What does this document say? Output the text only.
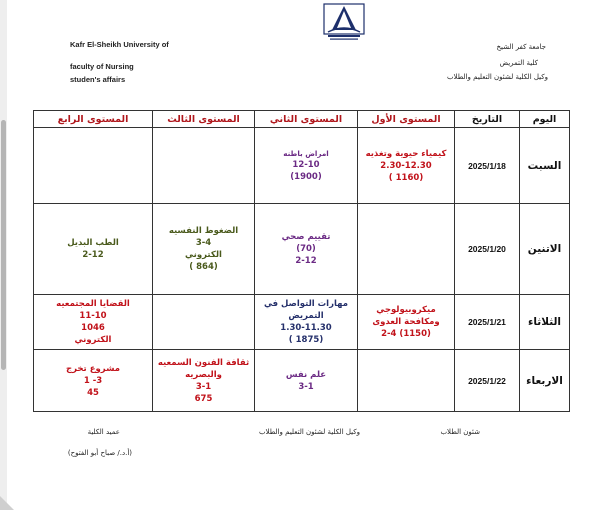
Kafr El-Sheikh University of
faculty of Nursing
studen's affairs
جامعة كفر الشيخ
كلية التمريض
وكيل الكلية لشئون التعليم والطلاب
المستوى الرابع	المستوى الثالث	المستوى الثاني	المستوى الأول	التاريخ	اليوم

		امراض باطنه
12-10
(1900)	كيمياء حيوية وتغذيه
2.30-12.30
(1160 )	2025/1/18	السبت

الطب البديل
2-12	الضغوط النفسيه
3-4
الكتروني
(864 )	تقييم صحي
(70)
2-12		2025/1/20	الاتنين

القضايا المجتمعيه
11-10
1046
الكتروني		مهارات التواصل في
التمريض
1.30-11.30
(1875 )	ميكروبيولوجي
ومكافحة العدوى
(1150) 2-4	2025/1/21	الثلاثاء

مشروع تخرج
3- 1
45	ثقافة الفنون السمعيه
والبصريه
3-1
675	علم نفس
3-1		2025/1/22	الاربعاء
شئون الطلاب
وكيل الكلية لشئون التعليم والطلاب
عميد الكلية
(أ.د./ صباح أبو الفتوح)
